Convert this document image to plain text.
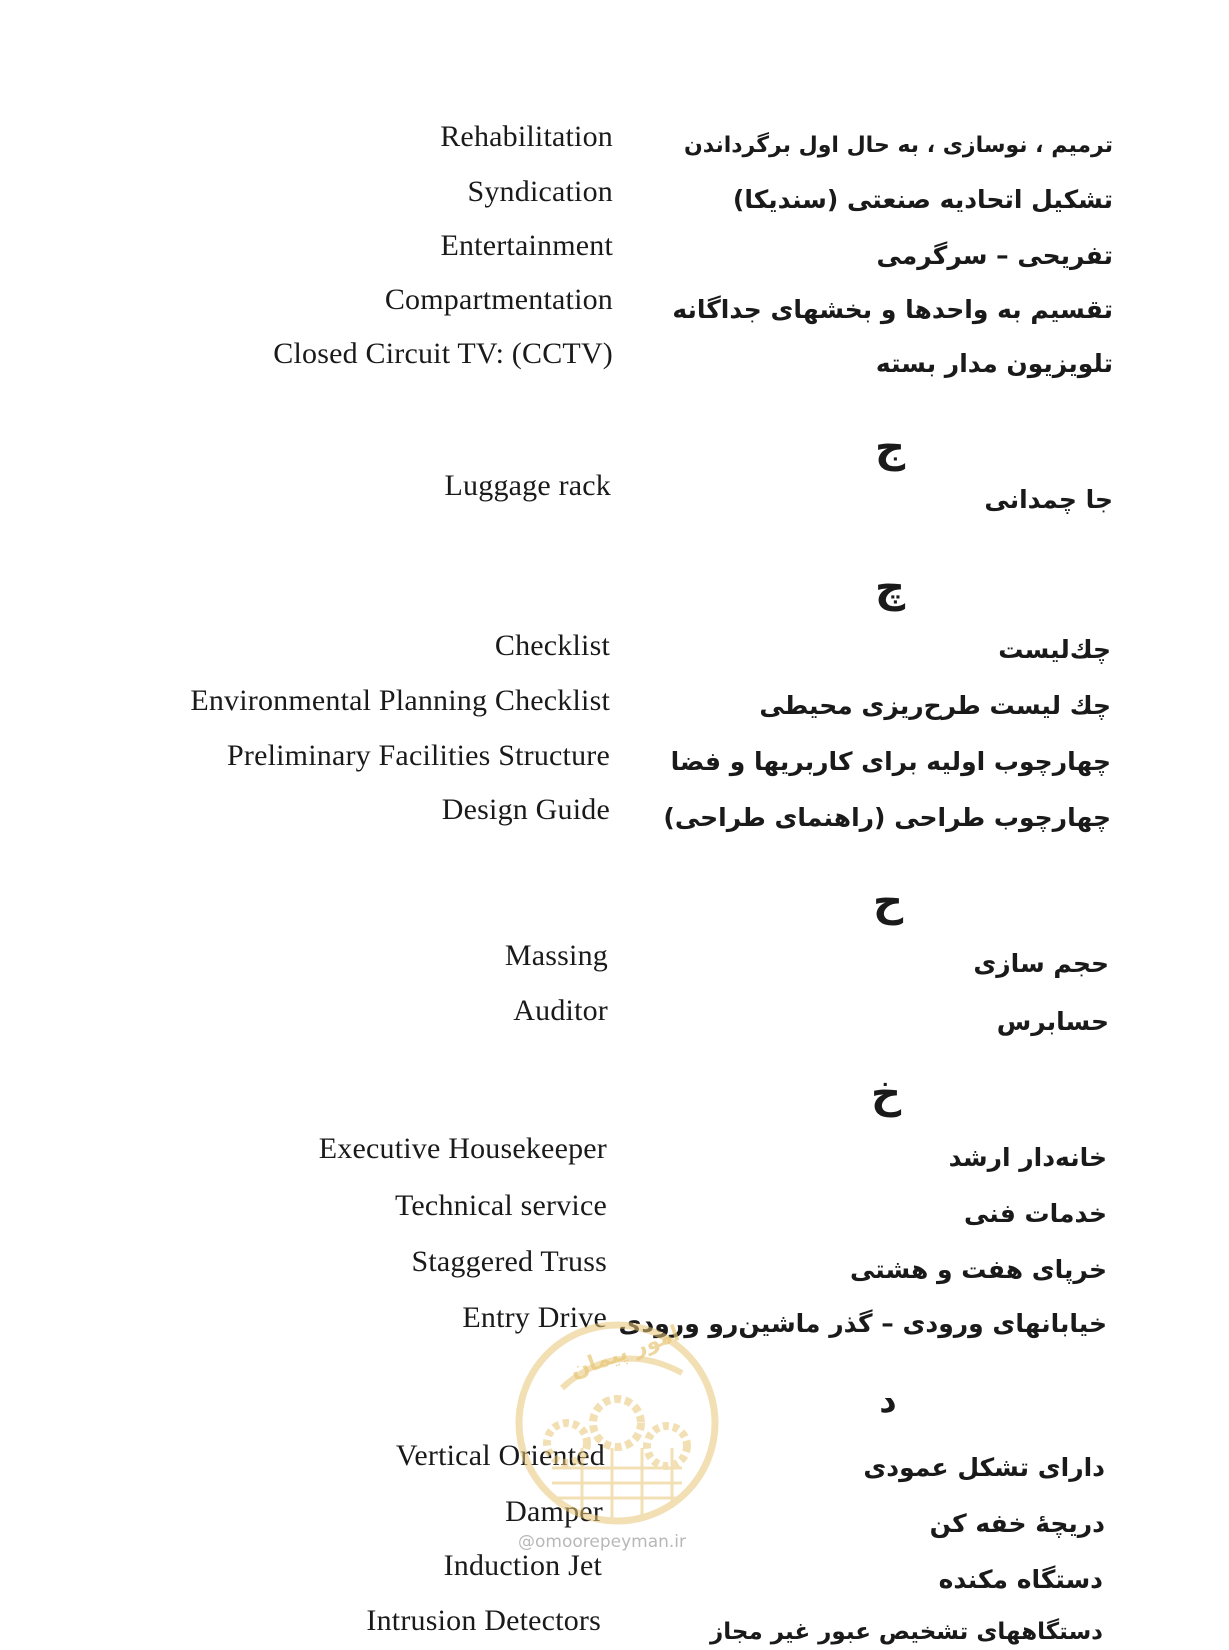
Rehabilitation	ترمیم ، نوسازی ، به حال اول برگرداندن
Syndication	تشکیل اتحادیه صنعتی (سندیکا)
Entertainment	تفریحی – سرگرمی
Compartmentation تقسیم به واحدها و بخشهای جداگانه
Closed Circuit TV: (CCTV)	تلویزیون مدار بسته
ج
Luggage rack	جا چمدانی
چ
Checklist	چك‌لیست
Environmental Planning Checklist	چك لیست طرح‌ریزی محیطی
Preliminary Facilities Structure چهارچوب اولیه برای کاربریها و فضا
Design Guide چهارچوب طراحی (راهنمای طراحی)
ح
Massing	حجم سازی
Auditor	حسابرس
خ
Executive Housekeeper	خانه‌دار ارشد
Technical service	خدمات فنی
Staggered Truss	خرپای هفت و هشتی
Entry Drive خیابانهای ورودی – گذر ماشین‌رو ورودی
د
Vertical Oriented	دارای تشکل عمودی
Damper	دریچهٔ خفه کن
Induction Jet	دستگاه مکنده
Intrusion Detectors	دستگاههای تشخیص عبور غیر مجاز
امور پیمان
@omoorepeyman.ir
